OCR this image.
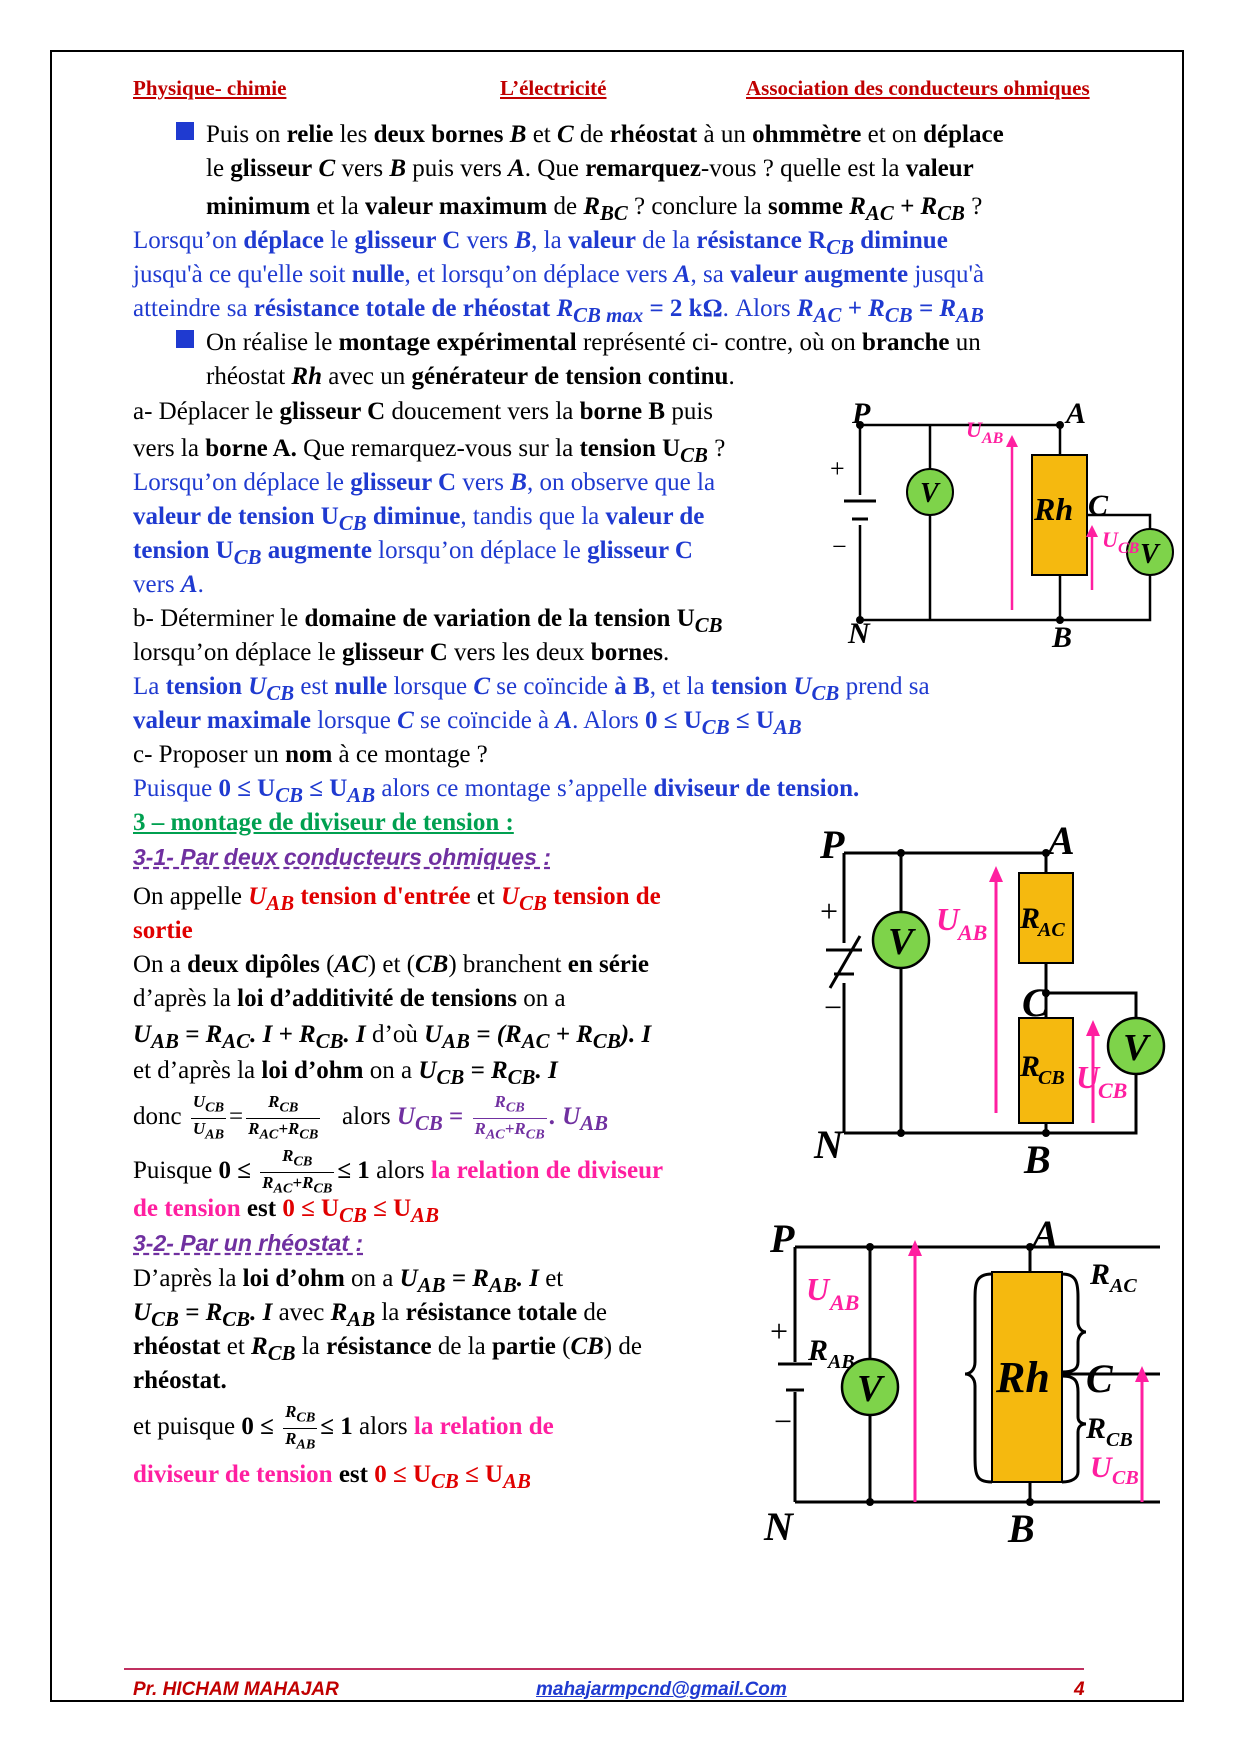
Physique- chimie	L’électricité	Association des conducteurs ohmiques
Puis on relie les deux bornes B et C de rhéostat à un ohmmètre et on déplace
le glisseur C vers B puis vers A. Que remarquez-vous ? quelle est la valeur
minimum et la valeur maximum de $R_{BC}$ ? conclure la somme $R_{AC} + R_{CB}$ ?
Lorsqu’on déplace le glisseur C vers B, la valeur de la résistance $R_{CB}$ diminue
jusqu'à ce qu'elle soit nulle, et lorsqu’on déplace vers A, sa valeur augmente jusqu'à
atteindre sa résistance totale de rhéostat $R_{CB max} = 2$ kΩ. Alors $R_{AC} + R_{CB} = R_{AB}$
On réalise le montage expérimental représenté ci- contre, où on branche un
rhéostat Rh avec un générateur de tension continu.
a- Déplacer le glisseur C doucement vers la borne B puis
vers la borne A. Que remarquez-vous sur la tension $U_{CB}$ ?
Lorsqu’on déplace le glisseur C vers B, on observe que la
valeur de tension $U_{CB}$ diminue, tandis que la valeur de
tension $U_{CB}$ augmente lorsqu’on déplace le glisseur C
vers A.
b- Déterminer le domaine de variation de la tension $U_{CB}$
lorsqu’on déplace le glisseur C vers les deux bornes.
La tension $U_{CB}$ est nulle lorsque C se coïncide à B, et la tension $U_{CB}$ prend sa
valeur maximale lorsque C se coïncide à A. Alors $0 \le U_{CB} \le U_{AB}$
c- Proposer un nom à ce montage ?
Puisque $0 \le U_{CB} \le U_{AB}$ alors ce montage s’appelle diviseur de tension.
3 – montage de diviseur de tension :
3-1- Par deux conducteurs ohmiques :
On appelle $U_{AB}$ tension d'entrée et $U_{CB}$ tension de
sortie
On a deux dipôles (AC) et (CB) branchent en série
d’après la loi d’additivité de tensions on a
$U_{AB} = R_{AC}$. $I + R_{CB}$. I d’où $U_{AB} = (R_{AC} + R_{CB})$. I
et d’après la loi d’ohm on a $U_{CB} = R_{CB}$. I
donc $\frac{U_{CB}}{U_{AB}} = \frac{R_{CB}}{R_{AC}+R_{CB}}$ alors $U_{CB} = \frac{R_{CB}}{R_{AC}+R_{CB}}$ . $U_{AB}$
Puisque $0 \le \frac{R_{CB}}{R_{AC}+R_{CB}} \le 1$ alors la relation de diviseur
de tension est $0 \le U_{CB} \le U_{AB}$
3-2- Par un rhéostat :
D’après la loi d’ohm on a $U_{AB} = R_{AB}$. I et
$U_{CB} = R_{CB}$. I avec $R_{AB}$ la résistance totale de
rhéostat et $R_{CB}$ la résistance de la partie (CB) de
rhéostat.
et puisque $0 \le \frac{R_{CB}}{R_{AB}} \le 1$ alors la relation de
diviseur de tension est $0 \le U_{CB} \le U_{AB}$
P	A
N	B
C
Rh
V
V
+
−
U AB
U CB
P	A
N	B
C
R
AC
R
CB
V
V
+
−
U
AB
U
CB
P	A
N	B
C
Rh
V
+
−
U AB
R AB
R AC
R CB
U CB
Pr. HICHAM MAHAJAR	mahajarmpcnd@gmail.Com	4
